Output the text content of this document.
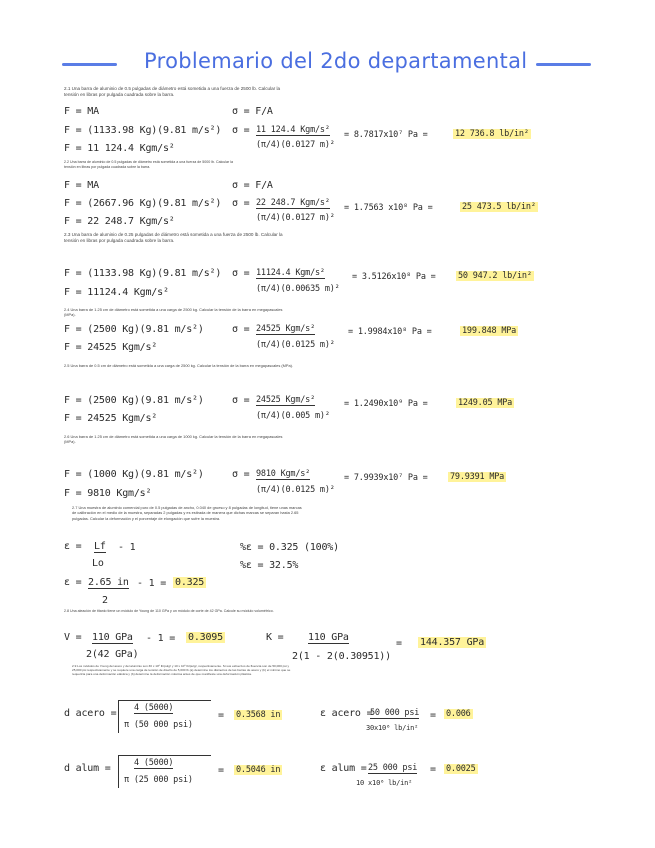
Problemario del 2do departamental
2.1 Una barra de aluminio de 0.5 pulgadas de diámetro está sometida a una fuerza de 2500 lb. Calcular la tensión en libras por pulgada cuadrada sobre la barra.
F = MA
F = (1133.98 Kg)(9.81 m/s²)
F = 11 124.4 Kgm/s²
σ = F/A
σ = 11 124.4 Kgm/s²
(π/4)(0.0127 m)²
= 8.7817x10⁷ Pa =	12 736.8 lb/in²
2.2 Una barra de aluminio de 0.5 pulgadas de diámetro está sometida a una fuerza de 5000 lb. Calcular la tensión en libras por pulgada cuadrada sobre la barra.
F = MA
F = (2667.96 Kg)(9.81 m/s²)
F = 22 248.7 Kgm/s²
σ = F/A
σ = 22 248.7 Kgm/s²
(π/4)(0.0127 m)²
= 1.7563 x10⁸ Pa =	25 473.5 lb/in²
2.3 Una barra de aluminio de 0.25 pulgadas de diámetro está sometida a una fuerza de 2500 lb. Calcular la tensión en libras por pulgada cuadrada sobre la barra.
F = (1133.98 Kg)(9.81 m/s²)
F = 11124.4 Kgm/s²
σ = 11124.4 Kgm/s²
(π/4)(0.00635 m)²
= 3.5126x10⁸ Pa =	50 947.2 lb/in²
2.4 Una barra de 1.25 cm de diámetro está sometida a una carga de 2500 kg. Calcular la tensión de la barra en megapascales (MPa).
F = (2500 Kg)(9.81 m/s²)
F = 24525 Kgm/s²
σ = 24525 Kgm/s²
(π/4)(0.0125 m)²
= 1.9984x10⁸ Pa =	199.848 MPa
2.5 Una barra de 0.5 cm de diámetro está sometida a una carga de 2500 kg. Calcular la tensión de la barra en megapascales (MPa).
F = (2500 Kg)(9.81 m/s²)
F = 24525 Kgm/s²
σ = 24525 Kgm/s²
(π/4)(0.005 m)²
= 1.2490x10⁹ Pa =	1249.05 MPa
2.6 Una barra de 1.25 cm de diámetro está sometida a una carga de 1000 kg. Calcular la tensión de la barra en megapascales (MPa).
F = (1000 Kg)(9.81 m/s²)
F = 9810 Kgm/s²
σ = 9810 Kgm/s²
(π/4)(0.0125 m)²
= 7.9939x10⁷ Pa =	79.9391 MPa
2.7 Una muestra de aluminio comercial puro de 0.5 pulgadas de ancho, 0.040 de grueso y 8 pulgadas de longitud, tiene unas marcas de calibración en el medio de la muestra, separadas 2 pulgadas y es estirada de manera que dichas marcas se separan hasta 2.65 pulgadas. Calcular la deformación y el porcentaje de elongación que sufre la muestra.
ε = Lf - 1
Lo
ε = 2.65 in - 1 = 0.325
2
%ε = 0.325 (100%)
%ε = 32.5%
2.8 Una aleación de titanio tiene un módulo de Young de 110 GPa y un módulo de corte de 42 GPa. Calcule su módulo volumétrico.
V = 110 GPa - 1 = 0.3095
2(42 GPa)
K = 110 GPa
= 144.357 GPa
2(1 - 2(0.30951))
2.9 Los módulos de Young del acero y del aluminio son 30 x 10⁶ lb/pulg² y 10 x 10⁶ lb/pulg², respectivamente. Si sus esfuerzos de fluencia son de 50,000 psi y 25,000 psi respectivamente y se requiere una carga de tensión de diseño de 5,000 lb (a) determine los diámetros de las barras de acero y (b) el mínimo que se requeriría para una deformación elástica y (b) determine la deformación máxima antes de que manifieste una deformación plástica.
d acero = 4 (5000)
π (50 000 psi)
= 0.3568 in	ε acero =
50 000 psi
30x10⁶ lb/in²
= 0.006
d alum =	4 (5000)
π (25 000 psi)
= 0.5046 in	ε alum = 25 000 psi
10 x10⁶ lb/in²
= 0.0025
